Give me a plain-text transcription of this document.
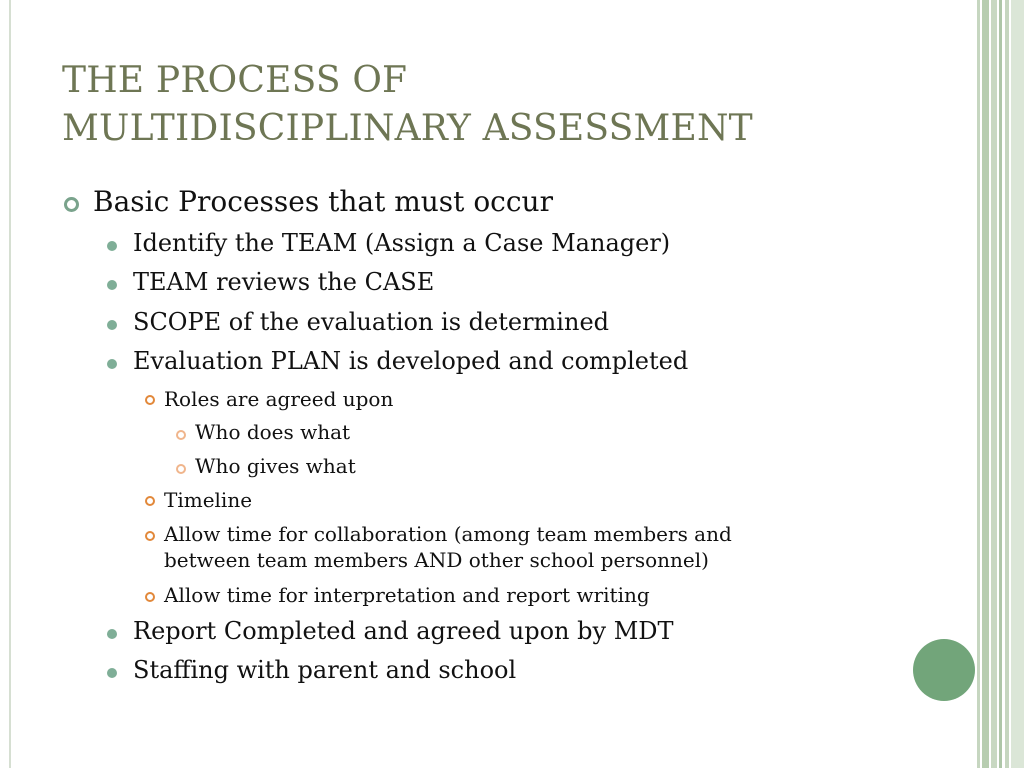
THE PROCESS OF
MULTIDISCIPLINARY ASSESSMENT
Basic Processes that must occur
Identify the TEAM (Assign a Case Manager)
TEAM reviews the CASE
SCOPE of the evaluation is determined
Evaluation PLAN is developed and completed
Roles are agreed upon
Who does what
Who gives what
Timeline
Allow time for collaboration (among team members and
between team members AND other school personnel)
Allow time for interpretation and report writing
Report Completed and agreed upon by MDT
Staffing with parent and school
